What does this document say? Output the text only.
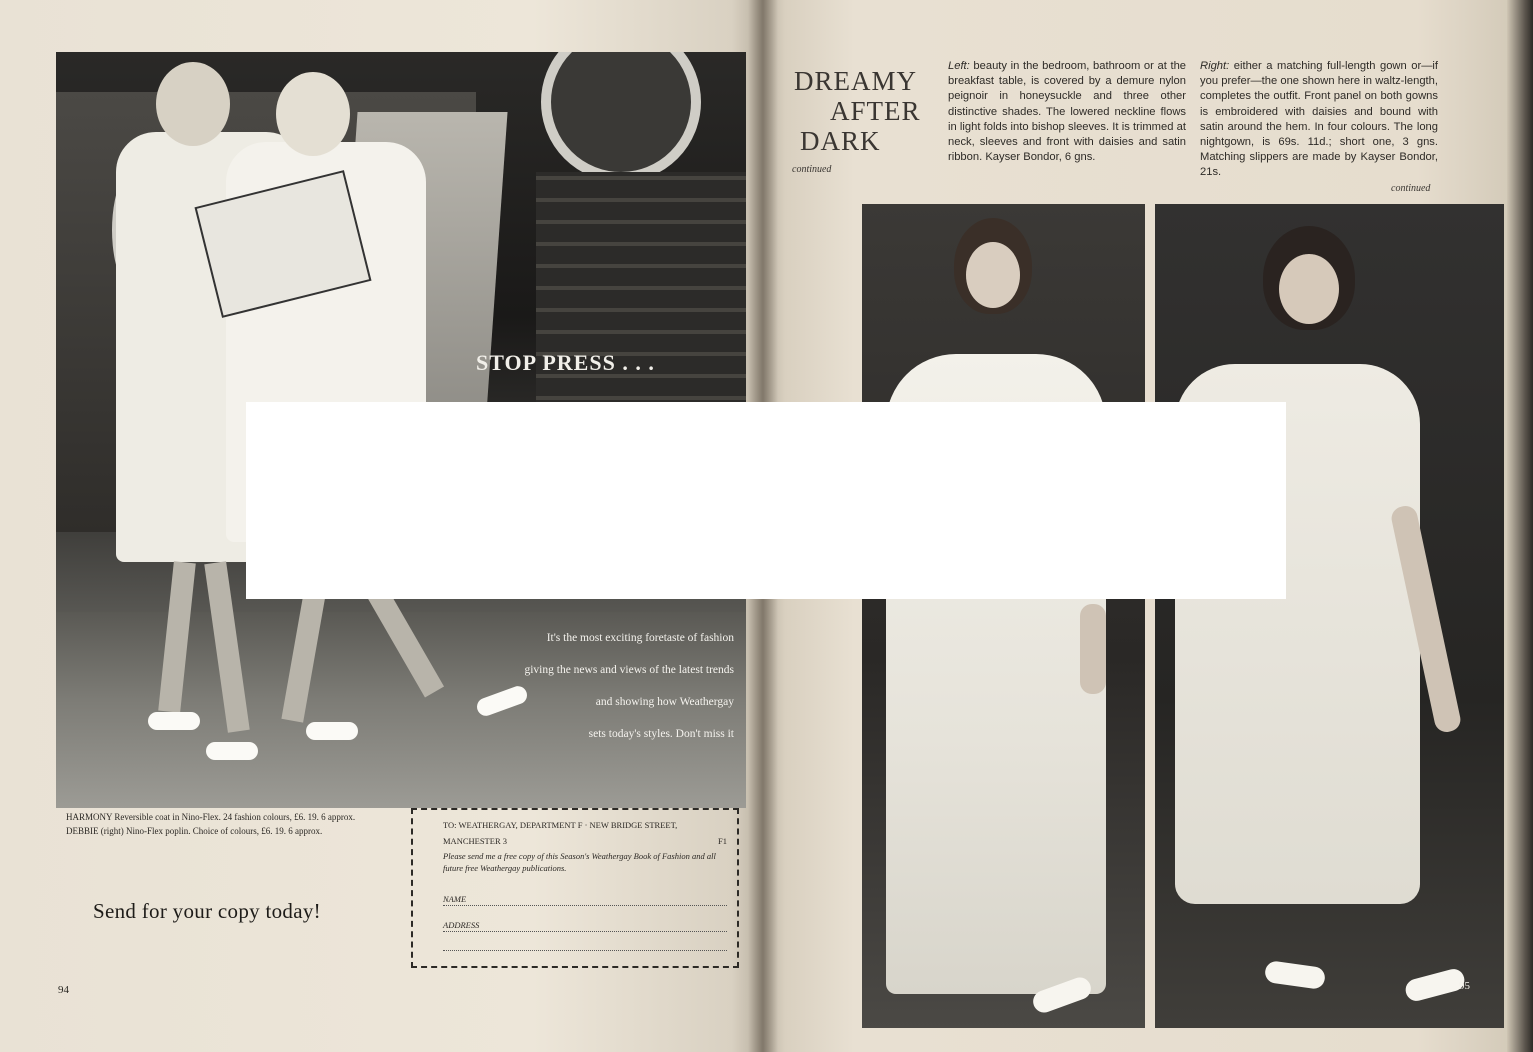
STOP PRESS . . .
It's the most exciting foretaste of fashion
giving the news and views of the latest trends
and showing how Weathergay
sets today's styles. Don't miss it
HARMONY Reversible coat in Nino-Flex. 24 fashion colours, £6. 19. 6 approx.
DEBBIE (right) Nino-Flex poplin. Choice of colours, £6. 19. 6 approx.
Send for your copy today!
TO: WEATHERGAY, DEPARTMENT F · NEW BRIDGE STREET,
MANCHESTER 3	F1
Please send me a free copy of this Season's Weathergay Book of Fashion and all future free Weathergay publications.
NAME
ADDRESS
94
DREAMY
AFTER
DARK
continued
Left: beauty in the bedroom, bathroom or at the breakfast table, is covered by a demure nylon peignoir in honeysuckle and three other distinctive shades. The lowered neckline flows in light folds into bishop sleeves. It is trimmed at neck, sleeves and front with daisies and satin ribbon. Kayser Bondor, 6 gns.
Right: either a matching full-length gown or—if you prefer—the one shown here in waltz-length, completes the outfit. Front panel on both gowns is embroidered with daisies and bound with satin around the hem. In four colours. The long nightgown, is 69s. 11d.; short one, 3 gns. Matching slippers are made by Kayser Bondor, 21s.
continued
95
